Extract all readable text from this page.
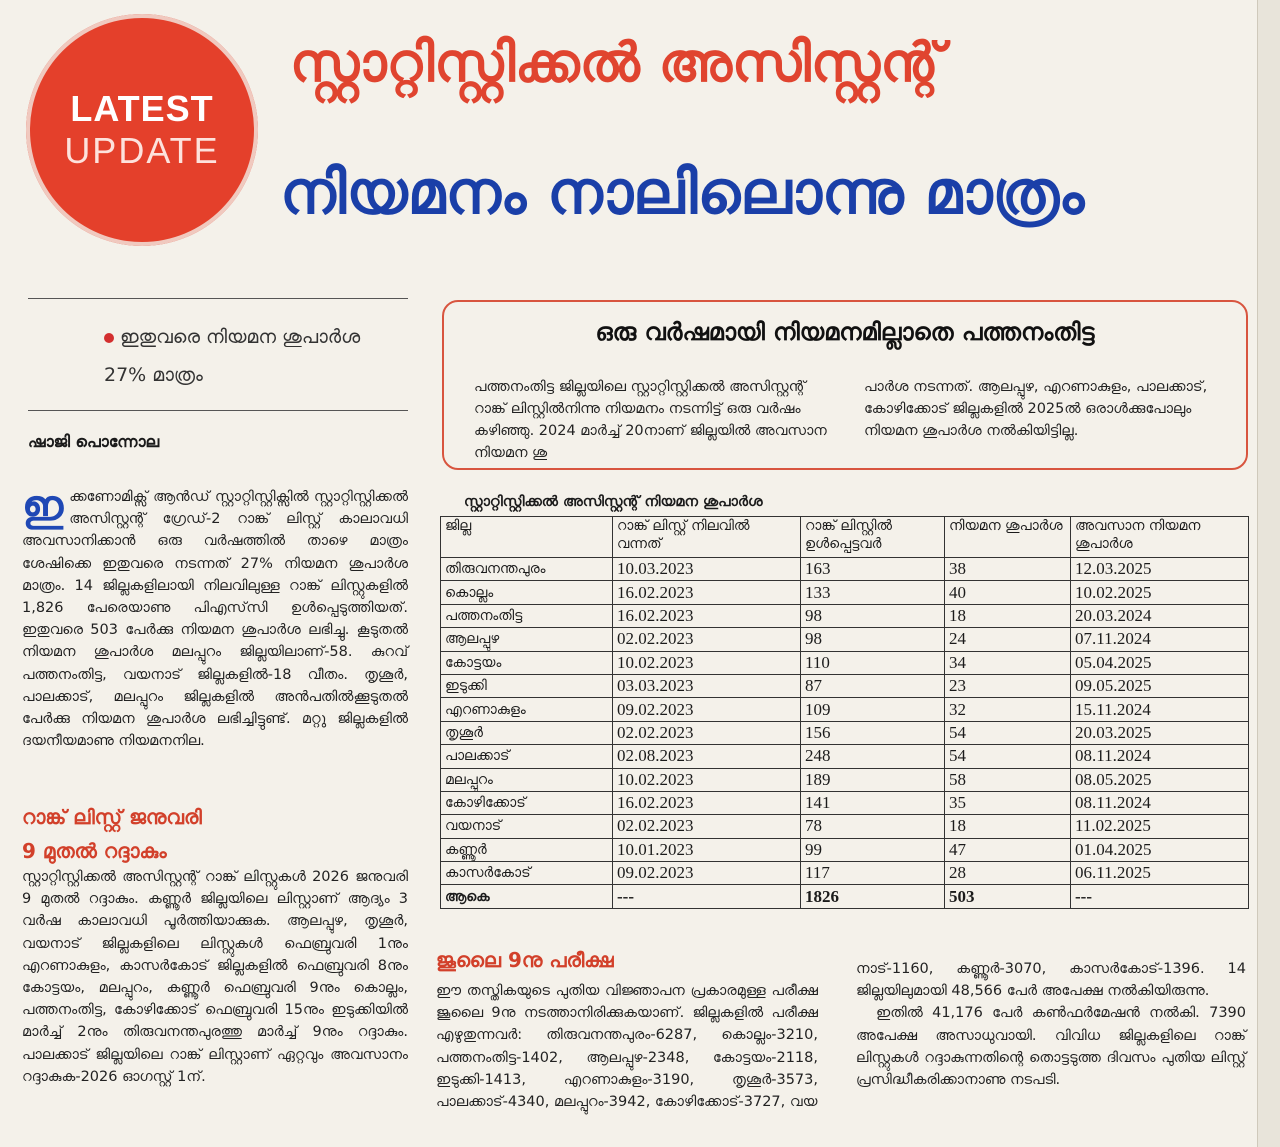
LATEST
UPDATE
സ്റ്റാറ്റിസ്റ്റിക്കൽ അസിസ്റ്റന്റ്
നിയമനം നാലിലൊന്നു മാത്രം
ഇതുവരെ നിയമന ശുപാർശ 27% മാത്രം
ഷാജി പൊന്നോല
ഇക്കണോമിക്സ് ആൻഡ് സ്റ്റാറ്റിസ്റ്റിക്സിൽ സ്റ്റാറ്റിസ്റ്റിക്കൽ അസിസ്റ്റന്റ് ഗ്രേഡ്-2 റാങ്ക് ലിസ്റ്റ് കാലാവധി അവസാനിക്കാൻ ഒരു വർഷത്തിൽ താഴെ മാത്രം ശേഷിക്കെ ഇതുവരെ നടന്നത് 27% നിയമന ശുപാർശ മാത്രം. 14 ജില്ലകളിലായി നിലവിലുള്ള റാങ്ക് ലിസ്റ്റുകളിൽ 1,826 പേരെയാണു പിഎസ്‌സി ഉൾപ്പെടുത്തിയത്. ഇതുവരെ 503 പേർക്കു നിയമന ശുപാർശ ലഭിച്ചു. കൂടുതൽ നിയമന ശുപാർശ മലപ്പുറം ജില്ലയിലാണ്-58. കുറവ് പത്തനംതിട്ട, വയനാട് ജില്ലകളിൽ-18 വീതം. തൃശൂർ, പാലക്കാട്, മലപ്പുറം ജില്ലകളിൽ അൻപതിൽക്കൂടുതൽ പേർക്കു നിയമന ശുപാർശ ലഭിച്ചിട്ടുണ്ട്. മറ്റു ജില്ലകളിൽ ദയനീയമാണു നിയമനനില.
റാങ്ക് ലിസ്റ്റ് ജനുവരി
9 മുതൽ റദ്ദാകും
സ്റ്റാറ്റിസ്റ്റിക്കൽ അസിസ്റ്റന്റ് റാങ്ക് ലിസ്റ്റുകൾ 2026 ജനുവരി 9 മുതൽ റദ്ദാകും. കണ്ണൂർ ജില്ലയിലെ ലിസ്റ്റാണ് ആദ്യം 3 വർഷ കാലാവധി പൂർത്തിയാക്കുക. ആലപ്പുഴ, തൃശൂർ, വയനാട് ജില്ലകളിലെ ലിസ്റ്റുകൾ ഫെബ്രുവരി 1നും എറണാകുളം, കാസർകോട് ജില്ലകളിൽ ഫെബ്രുവരി 8നും കോട്ടയം, മലപ്പുറം, കണ്ണൂർ ഫെബ്രുവരി 9നും കൊല്ലം, പത്തനംതിട്ട, കോഴിക്കോട് ഫെബ്രുവരി 15നും ഇടുക്കിയിൽ മാർച്ച് 2നും തിരുവനന്തപുരത്തു മാർച്ച് 9നും റദ്ദാകും. പാലക്കാട് ജില്ലയിലെ റാങ്ക് ലിസ്റ്റാണ് ഏറ്റവും അവസാനം റദ്ദാകുക-2026 ഓഗസ്റ്റ് 1ന്.
ഒരു വർഷമായി നിയമനമില്ലാതെ പത്തനംതിട്ട
പത്തനംതിട്ട ജില്ലയിലെ സ്റ്റാറ്റിസ്റ്റിക്കൽ അസിസ്റ്റന്റ് റാങ്ക് ലിസ്റ്റിൽനിന്നു നിയമനം നടന്നിട്ട് ഒരു വർഷം കഴിഞ്ഞു. 2024 മാർച്ച് 20നാണ് ജില്ലയിൽ അവസാന നിയമന ശു
പാർശ നടന്നത്. ആലപ്പുഴ, എറണാകുളം, പാലക്കാട്, കോഴിക്കോട് ജില്ലകളിൽ 2025ൽ ഒരാൾക്കുപോലും നിയമന ശുപാർശ നൽകിയിട്ടില്ല.
സ്റ്റാറ്റിസ്റ്റിക്കൽ അസിസ്റ്റന്റ് നിയമന ശുപാർശ
ജില്ല	റാങ്ക് ലിസ്റ്റ് നിലവിൽ വന്നത്	റാങ്ക് ലിസ്റ്റിൽ ഉൾപ്പെട്ടവർ	നിയമന ശുപാർശ	അവസാന നിയമന ശുപാർശ
തിരുവനന്തപുരം	10.03.2023	163	38	12.03.2025
കൊല്ലം	16.02.2023	133	40	10.02.2025
പത്തനംതിട്ട	16.02.2023	98	18	20.03.2024
ആലപ്പുഴ	02.02.2023	98	24	07.11.2024
കോട്ടയം	10.02.2023	110	34	05.04.2025
ഇടുക്കി	03.03.2023	87	23	09.05.2025
എറണാകുളം	09.02.2023	109	32	15.11.2024
തൃശൂർ	02.02.2023	156	54	20.03.2025
പാലക്കാട്	02.08.2023	248	54	08.11.2024
മലപ്പുറം	10.02.2023	189	58	08.05.2025
കോഴിക്കോട്	16.02.2023	141	35	08.11.2024
വയനാട്	02.02.2023	78	18	11.02.2025
കണ്ണൂർ	10.01.2023	99	47	01.04.2025
കാസർകോട്	09.02.2023	117	28	06.11.2025
ആകെ	---	1826	503	---
ജൂലൈ 9നു പരീക്ഷ
ഈ തസ്തികയുടെ പുതിയ വിജ്ഞാപന പ്രകാരമുള്ള പരീക്ഷ ജൂലൈ 9നു നടത്താനിരിക്കുകയാണ്. ജില്ലകളിൽ പരീക്ഷ എഴുതുന്നവർ: തിരുവനന്തപുരം-6287, കൊല്ലം-3210, പത്തനംതിട്ട-1402, ആലപ്പുഴ-2348, കോട്ടയം-2118, ഇടുക്കി-1413, എറണാകുളം-3190, തൃശൂർ-3573, പാലക്കാട്-4340, മലപ്പുറം-3942, കോഴിക്കോട്-3727, വയ
നാട്-1160, കണ്ണൂർ-3070, കാസർകോട്-1396. 14 ജില്ലയിലുമായി 48,566 പേർ അപേക്ഷ നൽകിയിരുന്നു.
ഇതിൽ 41,176 പേർ കൺഫർമേഷൻ നൽകി. 7390 അപേക്ഷ അസാധുവായി. വിവിധ ജില്ലകളിലെ റാങ്ക് ലിസ്റ്റുകൾ റദ്ദാകുന്നതിന്റെ തൊട്ടടുത്ത ദിവസം പുതിയ ലിസ്റ്റ് പ്രസിദ്ധീകരിക്കാനാണു നടപടി.
